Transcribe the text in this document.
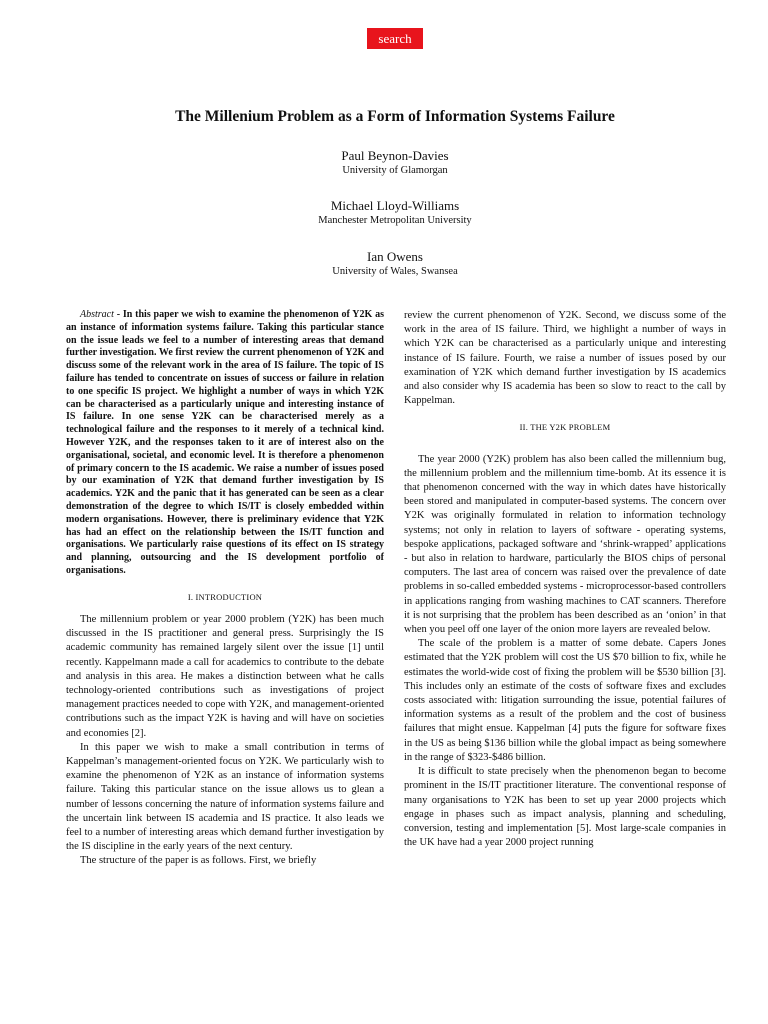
search
The Millenium Problem as a Form of Information Systems Failure
Paul Beynon-Davies
University of Glamorgan
Michael Lloyd-Williams
Manchester Metropolitan University
Ian Owens
University of Wales, Swansea

Abstract - In this paper we wish to examine the phenomenon of Y2K as an instance of information systems failure. Taking this particular stance on the issue leads we feel to a number of interesting areas that demand further investigation. We first review the current phenomenon of Y2K and discuss some of the relevant work in the area of IS failure. The topic of IS failure has tended to concentrate on issues of success or failure in relation to one specific IS project. We highlight a number of ways in which Y2K can be characterised as a particularly unique and interesting instance of IS failure. In one sense Y2K can be characterised merely as a technological failure and the responses to it merely of a technical kind. However Y2K, and the responses taken to it are of interest also on the organisational, societal, and economic level. It is therefore a phenomenon of primary concern to the IS academic. We raise a number of issues posed by our examination of Y2K that demand further investigation by IS academics. Y2K and the panic that it has generated can be seen as a clear demonstration of the degree to which IS/IT is closely embedded within modern organisations. However, there is preliminary evidence that Y2K has had an effect on the relationship between the IS/IT function and organisations. We particularly raise questions of its effect on IS strategy and planning, outsourcing and the IS development portfolio of organisations.

I. INTRODUCTION

The millennium problem or year 2000 problem (Y2K) has been much discussed in the IS practitioner and general press. Surprisingly the IS academic community has remained largely silent over the issue [1] until recently. Kappelmann made a call for academics to contribute to the debate and analysis in this area. He makes a distinction between what he calls technology-oriented contributions such as investigations of project management practices needed to cope with Y2K, and management-oriented contributions such as the impact Y2K is having and will have on societies and economies [2].

In this paper we wish to make a small contribution in terms of Kappelman’s management-oriented focus on Y2K. We particularly wish to examine the phenomenon of Y2K as an instance of information systems failure. Taking this particular stance on the issue allows us to glean a number of lessons concerning the nature of information systems failure and the uncertain link between IS academia and IS practice. It also leads we feel to a number of interesting areas which demand further investigation by the IS discipline in the early years of the next century.

The structure of the paper is as follows. First, we briefly

review the current phenomenon of Y2K. Second, we discuss some of the work in the area of IS failure. Third, we highlight a number of ways in which Y2K can be characterised as a particularly unique and interesting instance of IS failure. Fourth, we raise a number of issues posed by our examination of Y2K which demand further investigation by IS academics and also consider why IS academia has been so slow to react to the call by Kappelman.

II. THE Y2K PROBLEM

The year 2000 (Y2K) problem has also been called the millennium bug, the millennium problem and the millennium time-bomb. At its essence it is that phenomenon concerned with the way in which dates have historically been stored and manipulated in computer-based systems. The concern over Y2K was originally formulated in relation to information technology systems; not only in relation to layers of software - operating systems, bespoke applications, packaged software and ‘shrink-wrapped’ applications - but also in relation to hardware, particularly the BIOS chips of personal computers. The last area of concern was raised over the prevalence of date problems in so-called embedded systems - microprocessor-based controllers in applications ranging from washing machines to CAT scanners. Therefore it is not surprising that the problem has been described as an ‘onion’ in that when you peel off one layer of the onion more layers are revealed below.

The scale of the problem is a matter of some debate. Capers Jones estimated that the Y2K problem will cost the US $70 billion to fix, while he estimates the world-wide cost of fixing the problem will be $530 billion [3]. This includes only an estimate of the costs of software fixes and excludes costs associated with: litigation surrounding the issue, potential failures of information systems as a result of the problem and the cost of business failures that might ensue. Kappelman [4] puts the figure for software fixes in the US as being $136 billion while the global impact as being somewhere in the range of $323-$486 billion.

It is difficult to state precisely when the phenomenon began to become prominent in the IS/IT practitioner literature. The conventional response of many organisations to Y2K has been to set up year 2000 projects which engage in phases such as impact analysis, planning and scheduling, conversion, testing and implementation [5]. Most large-scale companies in the UK have had a year 2000 project running
